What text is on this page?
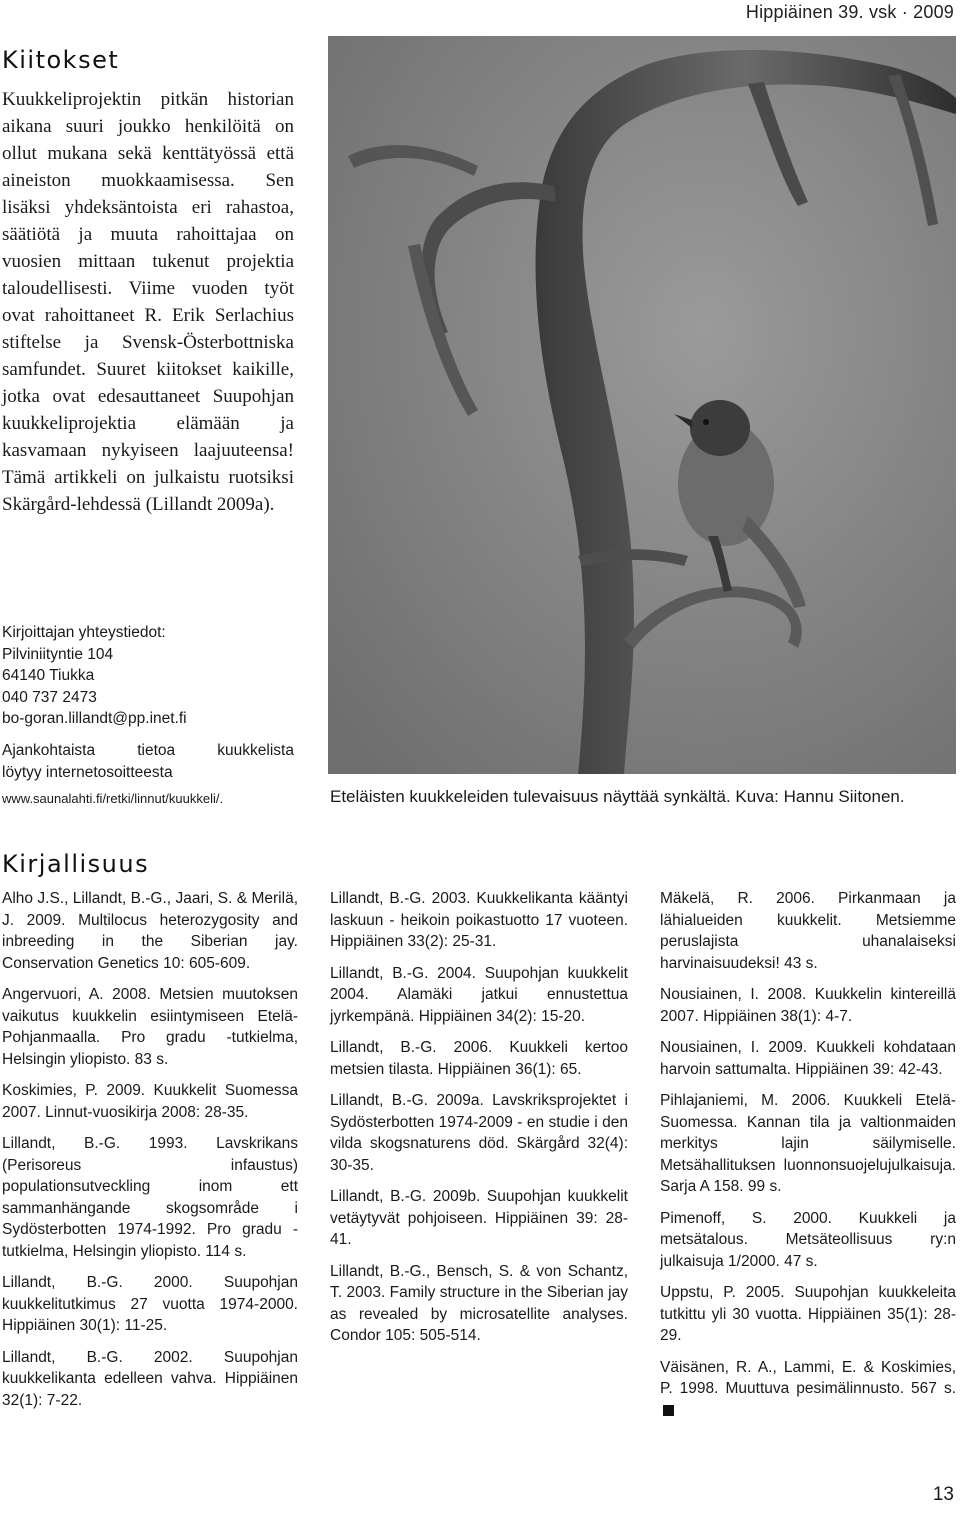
Hippiäinen 39. vsk · 2009
Kiitokset

Kuukkeliprojektin pitkän historian aikana suuri joukko henkilöitä on ollut mukana sekä kenttätyössä että aineiston muokkaamisessa. Sen lisäksi yhdeksäntoista eri rahastoa, säätiötä ja muuta rahoittajaa on vuosien mittaan tukenut projektia taloudellisesti. Viime vuoden työt ovat rahoittaneet R. Erik Serlachius stiftelse ja Svensk-Österbottniska samfundet. Suuret kiitokset kaikille, jotka ovat edesauttaneet Suupohjan kuukkeliprojektia elämään ja kasvamaan nykyiseen laajuuteensa! Tämä artikkeli on julkaistu ruotsiksi Skärgård-lehdessä (Lillandt 2009a).

Kirjoittajan yhteystiedot:
Pilviniityntie 104
64140 Tiukka
040 737 2473
bo-goran.lillandt@pp.inet.fi
Ajankohtaista tietoa kuukkelista
löytyy internetosoitteesta
www.saunalahti.fi/retki/linnut/kuukkeli/.	Eteläisten kuukkeleiden tulevaisuus näyttää synkältä. Kuva: Hannu Siitonen.

Kirjallisuus

Alho J.S., Lillandt, B.-G., Jaari, S. & Merilä, J. 2009. Multilocus heterozygosity and inbreeding in the Siberian jay. Conservation Genetics 10: 605-609.

Angervuori, A. 2008. Metsien muutoksen vaikutus kuukkelin esiintymiseen Etelä-Pohjanmaalla. Pro gradu -tutkielma, Helsingin yliopisto. 83 s.

Koskimies, P. 2009. Kuukkelit Suomessa 2007. Linnut-vuosikirja 2008: 28-35.

Lillandt, B.-G. 1993. Lavskrikans (Perisoreus infaustus) populationsutveckling inom ett sammanhängande skogsområde i Sydösterbotten 1974-1992. Pro gradu -tutkielma, Helsingin yliopisto. 114 s.

Lillandt, B.-G. 2000. Suupohjan kuukkelitutkimus 27 vuotta 1974-2000. Hippiäinen 30(1): 11-25.

Lillandt, B.-G. 2002. Suupohjan kuukkelikanta edelleen vahva. Hippiäinen 32(1): 7-22.

Lillandt, B.-G. 2003. Kuukkelikanta kääntyi laskuun - heikoin poikastuotto 17 vuoteen. Hippiäinen 33(2): 25-31.

Lillandt, B.-G. 2004. Suupohjan kuukkelit 2004. Alamäki jatkui ennustettua jyrkempänä. Hippiäinen 34(2): 15-20.

Lillandt, B.-G. 2006. Kuukkeli kertoo metsien tilasta. Hippiäinen 36(1): 65.

Lillandt, B.-G. 2009a. Lavskriksprojektet i Sydösterbotten 1974-2009 - en studie i den vilda skogsnaturens död. Skärgård 32(4): 30-35.

Lillandt, B.-G. 2009b. Suupohjan kuukkelit vetäytyvät pohjoiseen. Hippiäinen 39: 28-41.

Lillandt, B.-G., Bensch, S. & von Schantz, T. 2003. Family structure in the Siberian jay as revealed by microsatellite analyses. Condor 105: 505-514.

Mäkelä, R. 2006. Pirkanmaan ja lähialueiden kuukkelit. Metsiemme peruslajista uhanalaiseksi harvinaisuudeksi! 43 s.

Nousiainen, I. 2008. Kuukkelin kintereillä 2007. Hippiäinen 38(1): 4-7.

Nousiainen, I. 2009. Kuukkeli kohdataan harvoin sattumalta. Hippiäinen 39: 42-43.

Pihlajaniemi, M. 2006. Kuukkeli Etelä-Suomessa. Kannan tila ja valtionmaiden merkitys lajin säilymiselle. Metsähallituksen luonnonsuojelujulkaisuja. Sarja A 158. 99 s.

Pimenoff, S. 2000. Kuukkeli ja metsätalous. Metsäteollisuus ry:n julkaisuja 1/2000. 47 s.

Uppstu, P. 2005. Suupohjan kuukkeleita tutkittu yli 30 vuotta. Hippiäinen 35(1): 28-29.

Väisänen, R. A., Lammi, E. & Koskimies, P. 1998. Muuttuva pesimälinnusto. 567 s.

13
